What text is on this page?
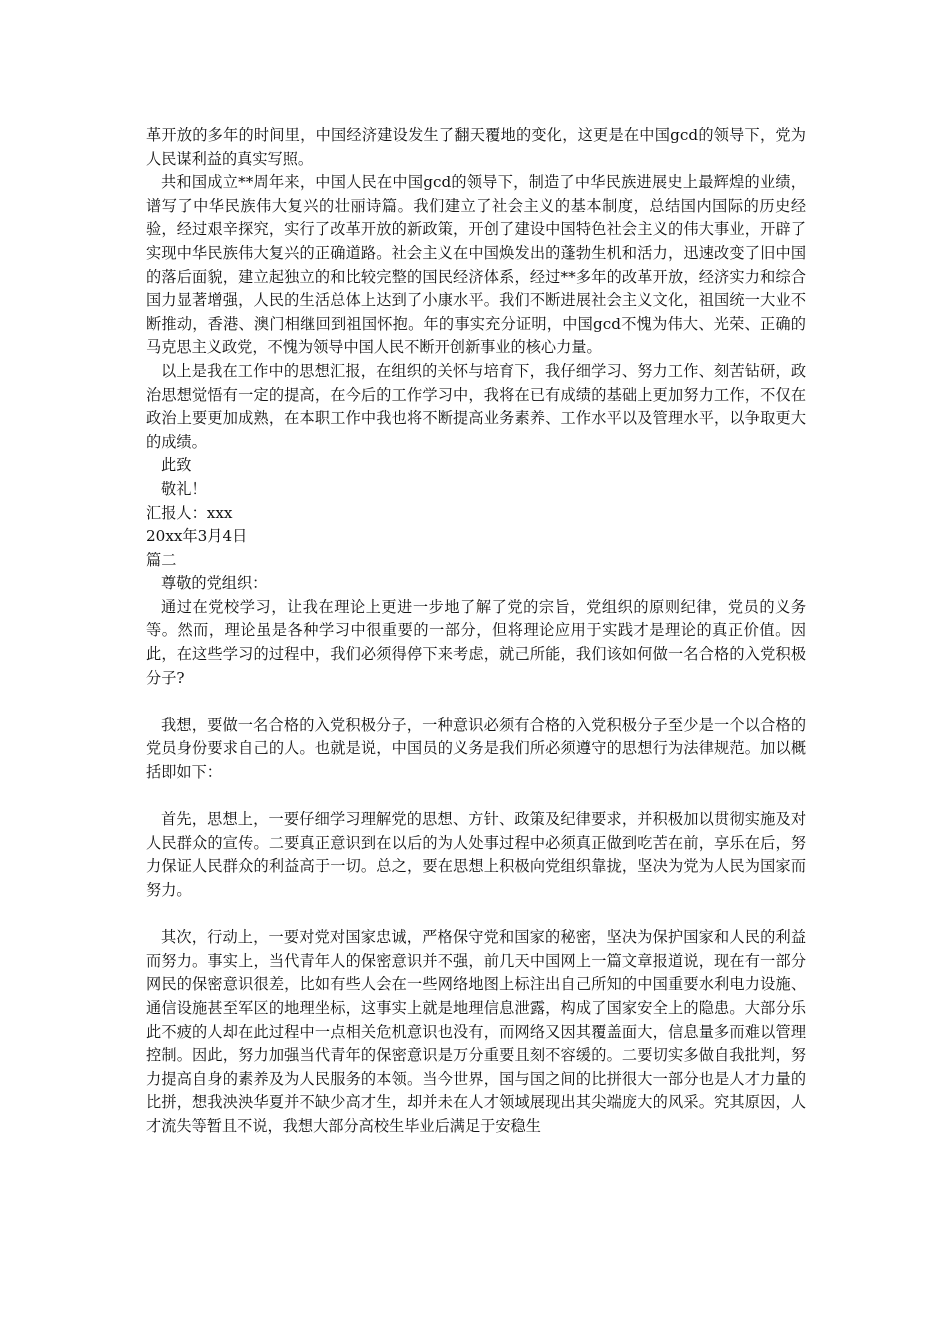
革开放的多年的时间里，中国经济建设发生了翻天覆地的变化，这更是在中国gcd的领导下，党为人民谋利益的真实写照。

共和国成立**周年来，中国人民在中国gcd的领导下，制造了中华民族进展史上最辉煌的业绩，谱写了中华民族伟大复兴的壮丽诗篇。我们建立了社会主义的基本制度，总结国内国际的历史经验，经过艰辛探究，实行了改革开放的新政策，开创了建设中国特色社会主义的伟大事业，开辟了实现中华民族伟大复兴的正确道路。社会主义在中国焕发出的蓬勃生机和活力，迅速改变了旧中国的落后面貌，建立起独立的和比较完整的国民经济体系，经过**多年的改革开放，经济实力和综合国力显著增强，人民的生活总体上达到了小康水平。我们不断进展社会主义文化，祖国统一大业不断推动，香港、澳门相继回到祖国怀抱。年的事实充分证明，中国gcd不愧为伟大、光荣、正确的马克思主义政党，不愧为领导中国人民不断开创新事业的核心力量。

以上是我在工作中的思想汇报，在组织的关怀与培育下，我仔细学习、努力工作、刻苦钻研，政治思想觉悟有一定的提高，在今后的工作学习中，我将在已有成绩的基础上更加努力工作，不仅在政治上要更加成熟，在本职工作中我也将不断提高业务素养、工作水平以及管理水平，以争取更大的成绩。

此致

敬礼！

汇报人：xxx

20xx年3月4日

篇二

尊敬的党组织：

通过在党校学习，让我在理论上更进一步地了解了党的宗旨，党组织的原则纪律，党员的义务等。然而，理论虽是各种学习中很重要的一部分，但将理论应用于实践才是理论的真正价值。因此，在这些学习的过程中，我们必须得停下来考虑，就己所能，我们该如何做一名合格的入党积极分子?

我想，要做一名合格的入党积极分子，一种意识必须有合格的入党积极分子至少是一个以合格的党员身份要求自己的人。也就是说，中国员的义务是我们所必须遵守的思想行为法律规范。加以概括即如下：

首先，思想上，一要仔细学习理解党的思想、方针、政策及纪律要求，并积极加以贯彻实施及对人民群众的宣传。二要真正意识到在以后的为人处事过程中必须真正做到吃苦在前，享乐在后，努力保证人民群众的利益高于一切。总之，要在思想上积极向党组织靠拢，坚决为党为人民为国家而努力。

其次，行动上，一要对党对国家忠诚，严格保守党和国家的秘密，坚决为保护国家和人民的利益而努力。事实上，当代青年人的保密意识并不强，前几天中国网上一篇文章报道说，现在有一部分网民的保密意识很差，比如有些人会在一些网络地图上标注出自己所知的中国重要水利电力设施、通信设施甚至军区的地理坐标，这事实上就是地理信息泄露，构成了国家安全上的隐患。大部分乐此不疲的人却在此过程中一点相关危机意识也没有，而网络又因其覆盖面大，信息量多而难以管理控制。因此，努力加强当代青年的保密意识是万分重要且刻不容缓的。二要切实多做自我批判，努力提高自身的素养及为人民服务的本领。当今世界，国与国之间的比拼很大一部分也是人才力量的比拼，想我泱泱华夏并不缺少高才生，却并未在人才领域展现出其尖端庞大的风采。究其原因，人才流失等暂且不说，我想大部分高校生毕业后满足于安稳生
